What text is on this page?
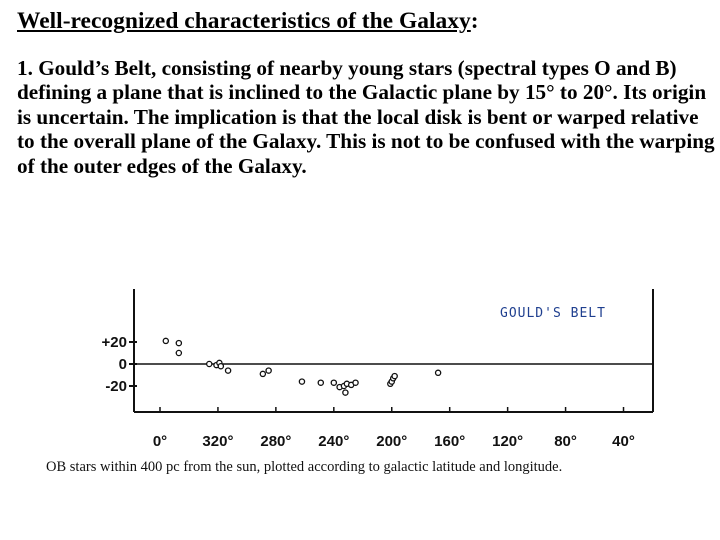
Well-recognized characteristics of the Galaxy:

1. Gould’s Belt, consisting of nearby young stars (spectral types O and B) defining a plane that is inclined to the Galactic plane by 15° to 20°. Its origin is uncertain. The implication is that the local disk is bent or warped relative to the overall plane of the Galaxy. This is not to be confused with the warping of the outer edges of the Galaxy.

GOULD'S BELT
+20
0
-20
0° 320° 280° 240° 200° 160° 120° 80° 40°
OB stars within 400 pc from the sun, plotted according to galactic latitude and longitude.
